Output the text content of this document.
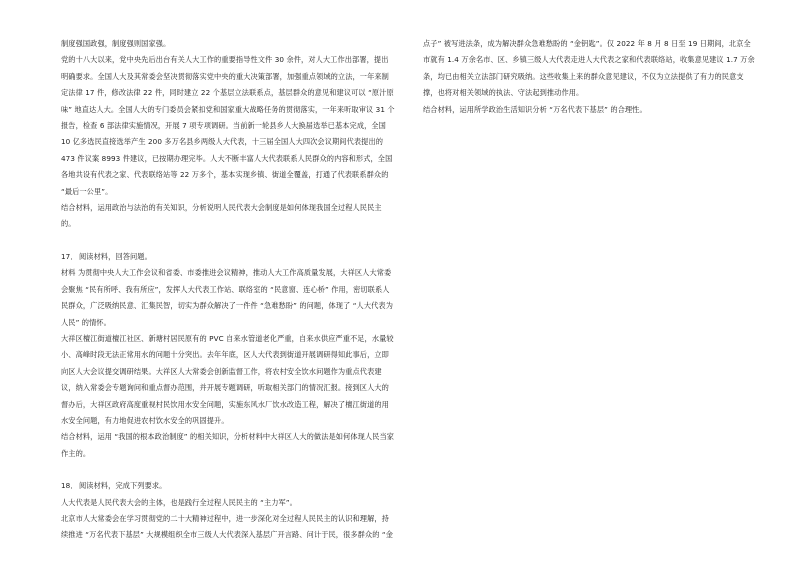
制度强国政强，制度强则国家强。

党的十八大以来，党中央先后出台有关人大工作的重要指导性文件 30 余件，对人大工作出部署，提出明确要求。全国人大及其常委会坚决贯彻落实党中央的重大决策部署，加强重点领域的立法，一年来制定法律 17 件，修改法律 22 件，同时建立 22 个基层立法联系点，基层群众的意见和建议可以 “原汁原味” 地直达人大。全国人大的专门委员会紧扣党和国家重大战略任务的贯彻落实，一年来听取审议 31 个报告，检查 6 部法律实施情况，开展 7 项专项调研。当前新一轮县乡人大换届选举已基本完成，全国 10 亿多选民直接选举产生 200 多万名县乡两级人大代表，十三届全国人大四次会议期间代表提出的 473 件议案 8993 件建议，已按期办理完毕。人大不断丰富人大代表联系人民群众的内容和形式，全国各地共设有代表之家、代表联络站等 22 万多个，基本实现乡镇、街道全覆盖，打通了代表联系群众的 “最后一公里”。

结合材料，运用政治与法治的有关知识，分析说明人民代表大会制度是如何体现我国全过程人民民主的。

17．阅读材料，回答问题。

材料 为贯彻中央人大工作会议和省委、市委推进会议精神，推动人大工作高质量发展，大祥区人大常委会聚焦 “民有所呼、我有所应”，发挥人大代表工作站、联络室的 “民意窗、连心桥” 作用，密切联系人民群众，广泛吸纳民意、汇集民智，切实为群众解决了一件件 “急难愁盼” 的问题，体现了 “人大代表为人民” 的情怀。

大祥区檀江街道檀江社区、新塘村居民原有的 PVC 自来水管道老化严重，自来水供应严重不足，水量较小、高峰时段无法正常用水的问题十分突出。去年年底，区人大代表到街道开展调研得知此事后，立即向区人大会议提交调研结果。大祥区人大常委会创新监督工作，将农村安全饮水问题作为重点代表建议，纳入常委会专题询问和重点督办范围，并开展专题调研，听取相关部门的情况汇报。接到区人大的督办后，大祥区政府高度重视村民饮用水安全问题，实施东风水厂饮水改造工程，解决了檀江街道的用水安全问题，有力地促进农村饮水安全的巩固提升。

结合材料，运用 “我国的根本政治制度” 的相关知识，分析材料中大祥区人大的做法是如何体现人民当家作主的。

18．阅读材料，完成下列要求。

人大代表是人民代表大会的主体，也是践行全过程人民民主的 “主力军”。

北京市人大常委会在学习贯彻党的二十大精神过程中，进一步深化对全过程人民民主的认识和理解，持续推进 “万名代表下基层” 大规模组织全市三级人大代表深入基层广开言路、问计于民，很多群众的 “金

点子” 被写进法条，成为解决群众急难愁盼的 “金钥匙”。仅 2022 年 8 月 8 日至 19 日期间，北京全市就有 1.4 万余名市、区、乡镇三级人大代表走进人大代表之家和代表联络站，收集意见建议 1.7 万余条，均已由相关立法部门研究吸纳。这些收集上来的群众意见建议，不仅为立法提供了有力的民意支撑，也将对相关领域的执法、守法起到推动作用。

结合材料，运用所学政治生活知识分析 “万名代表下基层” 的合理性。
